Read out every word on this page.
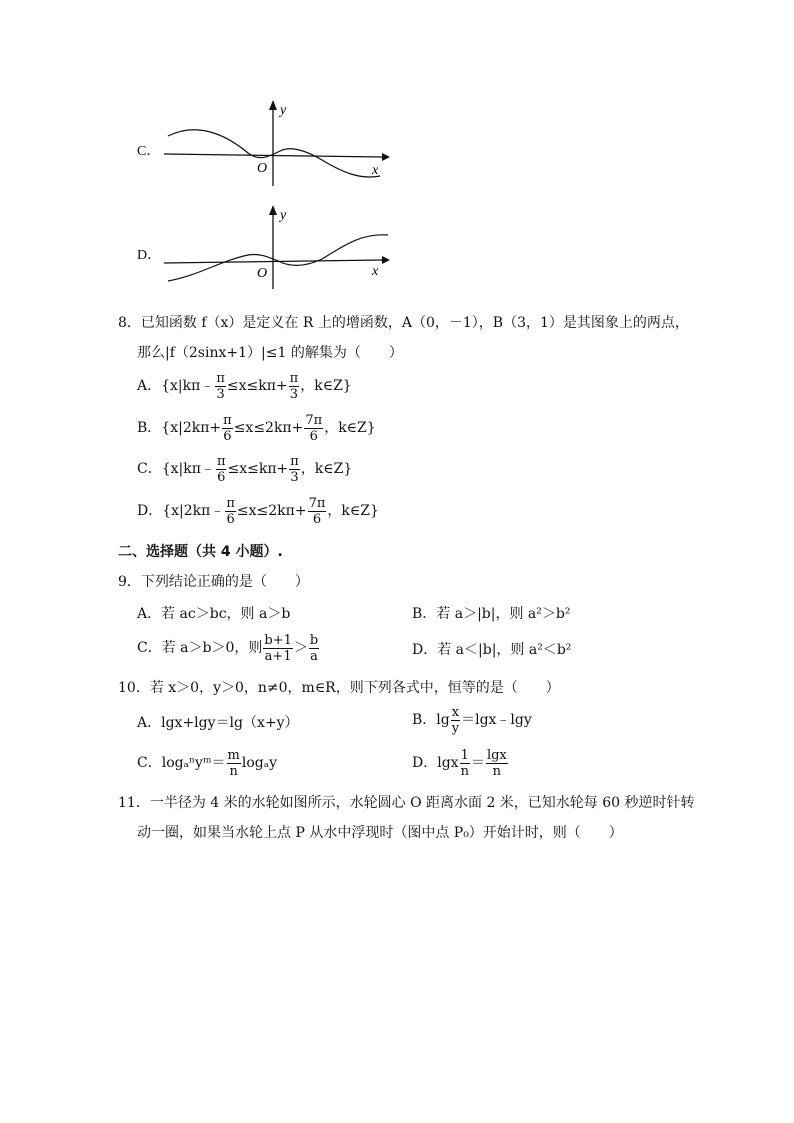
C．
y
O	x
D．
y
O	x
8．已知函数 f（x）是定义在 R 上的增函数，A（0，－1），B（3，1）是其图象上的两点，
那么|f（2sinx+1）|≤1 的解集为（　　）
A．{x|kπ﹣ $\frac{\pi}{3} \le x\le k\pi+ \frac{\pi}{3}$ ，k∈Z}
B．{$x|2k\pi+ \frac{\pi}{6} \le x\le 2k\pi+ \frac{7\pi}{6}$ ，k∈Z}
C．{x|kπ﹣ $\frac{\pi}{6} \le x\le k\pi+ \frac{\pi}{3}$ ，k∈Z}
D．{x|2kπ﹣ $\frac{\pi}{6} \le x\le 2k\pi+ \frac{7\pi}{6}$ ，k∈Z}
二、选择题（共 4 小题）.
9．下列结论正确的是（　　）
A．若 ac＞bc，则 a＞b	B．若 a＞|b|，则 a²＞b²
C．若 a＞b＞0，则 $\frac{b+1}{a+1} > \frac{b}{a}$	D．若 a＜|b|，则 a²＜b²
10．若 x＞0，y＞0，n≠0，m∈R，则下列各式中，恒等的是（　　）
A．lgx+lgy＝lg（x+y）	B．$\lg \frac{x}{y}$ ＝lgx﹣lgy
C．logₐⁿyᵐ＝ $\frac{m}{n}$ logₐy	D．lgx $\frac{1}{n} = \frac{\lg x}{n}$
11．一半径为 4 米的水轮如图所示，水轮圆心 O 距离水面 2 米，已知水轮每 60 秒逆时针转
动一圈，如果当水轮上点 P 从水中浮现时（图中点 P₀）开始计时，则（　　）
